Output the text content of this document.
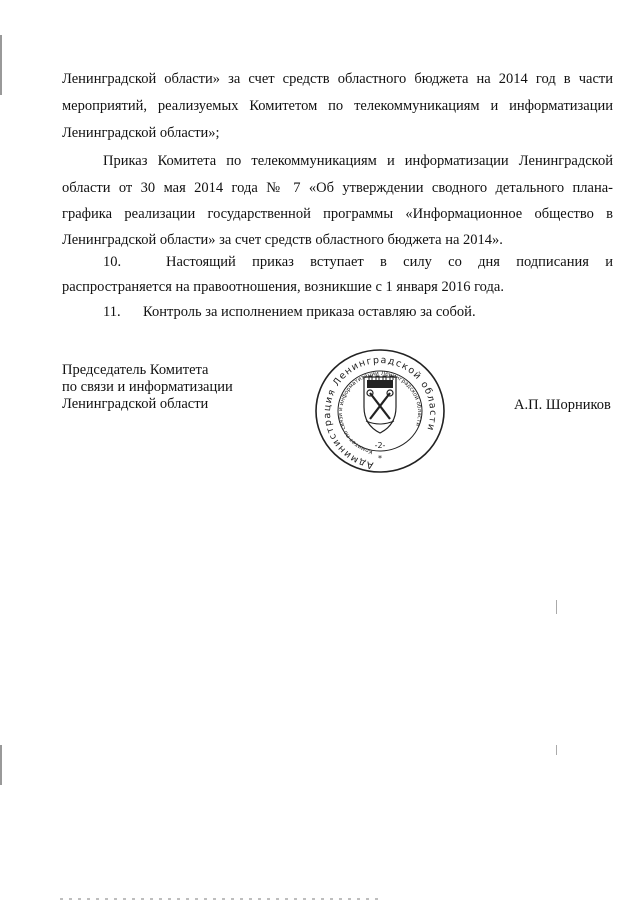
Ленинградской области» за счет средств областного бюджета на 2014 год в части
мероприятий, реализуемых Комитетом по телекоммуникациям и информатизации
Ленинградской области»;
Приказ Комитета по телекоммуникациям и информатизации Ленинградской
области от 30 мая 2014 года № 7 «Об утверждении сводного детального плана-
графика реализации государственной программы «Информационное общество в
Ленинградской области» за счет средств областного бюджета на 2014».
10.	Настоящий приказ вступает в силу со дня подписания и
распространяется на правоотношения, возникшие с 1 января 2016 года.
11. Контроль за исполнением приказа оставляю за собой.
Председатель Комитета
по связи и информатизации
Ленинградской области
Администрация Ленинградской области
Комитет по связи и информатизации Ленинградской области
-2-
*
А.П. Шорников
